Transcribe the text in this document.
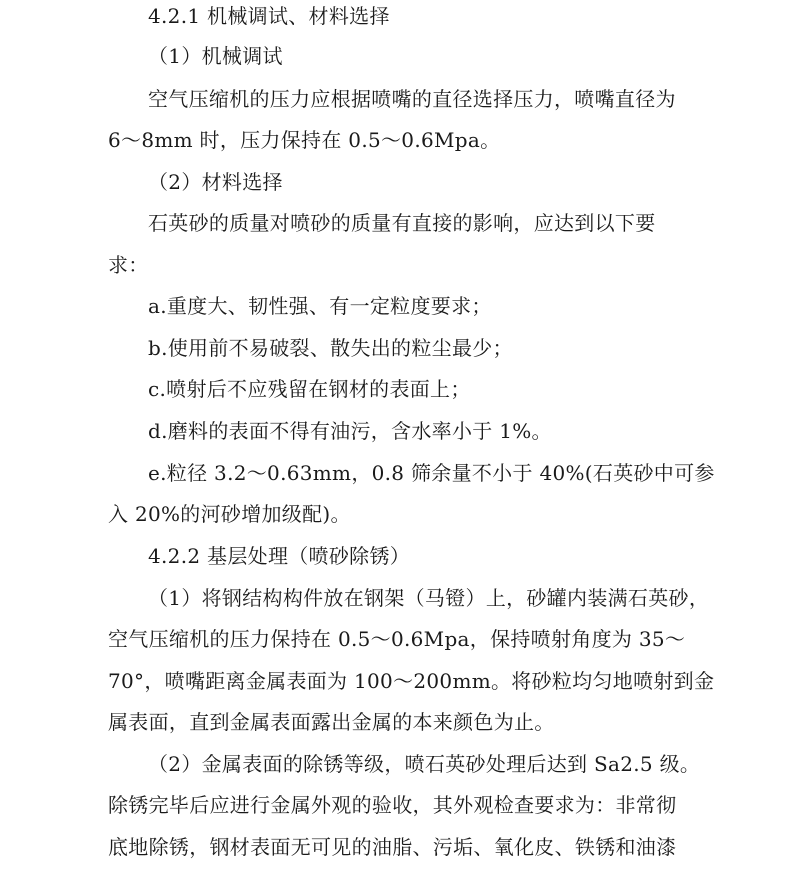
4.2.1 机械调试、材料选择
（1）机械调试
空气压缩机的压力应根据喷嘴的直径选择压力，喷嘴直径为
6～8mm 时，压力保持在 0.5～0.6Mpa。
（2）材料选择
石英砂的质量对喷砂的质量有直接的影响，应达到以下要
求：
a.重度大、韧性强、有一定粒度要求；
b.使用前不易破裂、散失出的粒尘最少；
c.喷射后不应残留在钢材的表面上；
d.磨料的表面不得有油污，含水率小于 1%。
e.粒径 3.2～0.63mm，0.8 筛余量不小于 40%(石英砂中可参
入 20%的河砂增加级配)。
4.2.2 基层处理（喷砂除锈）
（1）将钢结构构件放在钢架（马镫）上，砂罐内装满石英砂，
空气压缩机的压力保持在 0.5～0.6Mpa，保持喷射角度为 35～
70°，喷嘴距离金属表面为 100～200mm。将砂粒均匀地喷射到金
属表面，直到金属表面露出金属的本来颜色为止。
（2）金属表面的除锈等级，喷石英砂处理后达到 Sa2.5 级。
除锈完毕后应进行金属外观的验收，其外观检查要求为：非常彻
底地除锈，钢材表面无可见的油脂、污垢、氧化皮、铁锈和油漆
